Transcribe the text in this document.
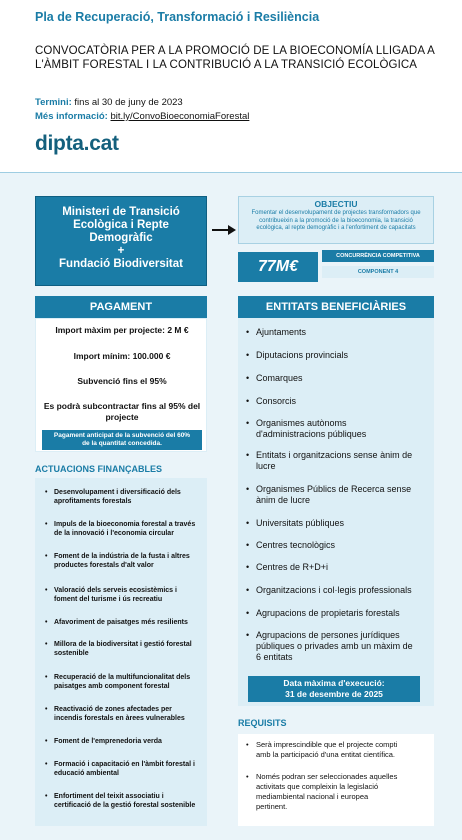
Pla de Recuperació, Transformació i Resiliència
CONVOCATÒRIA PER A LA PROMOCIÓ DE LA BIOECONOMÍA LLIGADA A
L'ÀMBIT FORESTAL I LA CONTRIBUCIÓ A LA TRANSICIÓ ECOLÒGICA
Termini: fins al 30 de juny de 2023
Més informació: bit.ly/ConvoBioeconomiaForestal
dipta.cat
Ministeri de Transició
Ecològica i Repte
Demogràfic
+
Fundació Biodiversitat
OBJECTIU
Fomentar el desenvolupament de projectes transformadors que contribueixin a la promoció de la bioeconomia, la transició ecològica, al repte demogràfic i a l'enfortiment de capacitats
77M€
CONCURRÈNCIA COMPETITIVA
COMPONENT 4
PAGAMENT
Import màxim per projecte: 2 M €
Import mínim: 100.000 €
Subvenció fins el 95%
Es podrà subcontractar fins al 95% del
projecte
Pagament anticipat de la subvenció del 60%
de la quantitat concedida.
ACTUACIONS FINANÇABLES
• Desenvolupament i diversificació dels
aprofitaments forestals
• Impuls de la bioeconomia forestal a través
de la innovació i l'economia circular
• Foment de la indústria de la fusta i altres
productes forestals d'alt valor
• Valoració dels serveis ecosistèmics i
foment del turisme i ús recreatiu
• Afavoriment de paisatges més resilients
• Millora de la biodiversitat i gestió forestal
sostenible
• Recuperació de la multifuncionalitat dels
paisatges amb component forestal
• Reactivació de zones afectades per
incendis forestals en àrees vulnerables
• Foment de l'emprenedoria verda
• Formació i capacitació en l'àmbit forestal i
educació ambiental
• Enfortiment del teixit associatiu i
certificació de la gestió forestal sostenible
ENTITATS BENEFICIÀRIES
• Ajuntaments
• Diputacions provincials
• Comarques
• Consorcis
• Organismes autònoms
d'administracions públiques
• Entitats i organitzacions sense ànim de
lucre
• Organismes Públics de Recerca sense
ànim de lucre
• Universitats públiques
• Centres tecnològics
• Centres de R+D+i
• Organitzacions i col·legis professionals
• Agrupacions de propietaris forestals
• Agrupacions de persones jurídiques
públiques o privades amb un màxim de
6 entitats
Data màxima d'execució:
31 de desembre de 2025
REQUISITS
• Serà imprescindible que el projecte compti
amb la participació d'una entitat científica.
• Només podran ser seleccionades aquelles
activitats que compleixin la legislació
mediambiental nacional i europea
pertinent.
